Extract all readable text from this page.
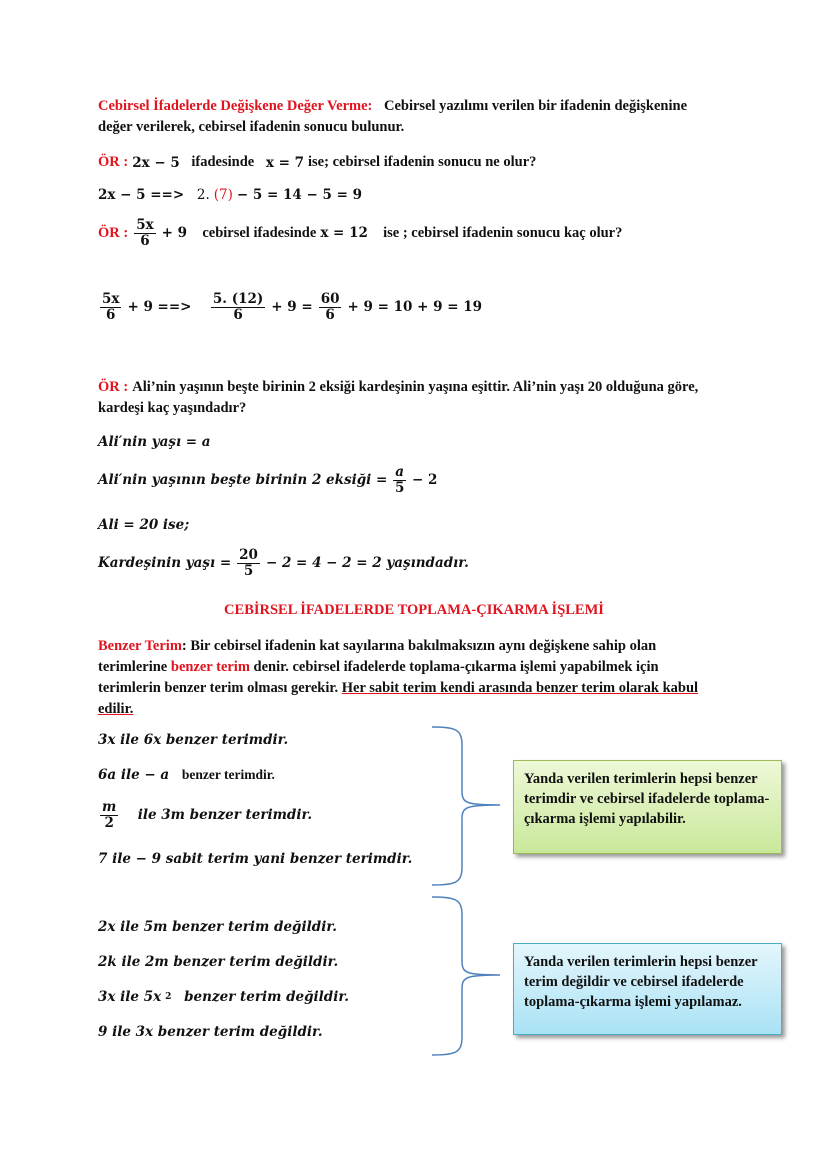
Cebirsel İfadelerde Değişkene Değer Verme:
Cebirsel yazılımı verilen bir ifadenin değişkenine
değer verilerek, cebirsel ifadenin sonucu bulunur.
ÖR : 2x − 5
ifadesinde
x = 7 ise; cebirsel ifadenin sonucu ne olur?
2x − 5 ==>
2. (7) − 5 = 14 − 5 = 9
ÖR : $\frac{5x}{6} + 9$
cebirsel ifadesinde x = 12
ise ; cebirsel ifadenin sonucu kaç olur?
$\frac{5x}{6} + 9$ ==>
$\frac{5. (12)}{6} + 9 = \frac{60}{6} + 9 = 10 + 9 = 19$
ÖR : Ali’nin yaşının beşte birinin 2 eksiği kardeşinin yaşına eşittir. Ali’nin yaşı 20 olduğuna göre,
kardeşi kaç yaşındadır?
Ali′nin yaşı = a
Ali′nin yaşının beşte birinin 2 eksiği = $\frac{a}{5} - 2$
Ali = 20 ise;
Kardeşinin yaşı = $\frac{20}{5} - 2 = 4 - 2 = 2$ yaşındadır.
CEBİRSEL İFADELERDE TOPLAMA-ÇIKARMA İŞLEMİ
Benzer Terim: Bir cebirsel ifadenin kat sayılarına bakılmaksızın aynı değişkene sahip olan
terimlerine benzer terim denir. cebirsel ifadelerde toplama-çıkarma işlemi yapabilmek için
terimlerin benzer terim olması gerekir. Her sabit terim kendi arasında benzer terim olarak kabul
edilir.
3x ile 6x benzer terimdir.
6a ile − a
benzer terimdir.
$\frac{m}{2}$
ile 3m benzer terimdir.
7 ile − 9 sabit terim yani benzer terimdir.
Yanda verilen terimlerin hepsi benzer terimdir ve cebirsel ifadelerde toplama-çıkarma işlemi yapılabilir.
2x ile 5m benzer terim değildir.
2k ile 2m benzer terim değildir.
3x ile 5x 2
benzer terim değildir.
9 ile 3x benzer terim değildir.
Yanda verilen terimlerin hepsi benzer terim değildir ve cebirsel ifadelerde toplama-çıkarma işlemi yapılamaz.
